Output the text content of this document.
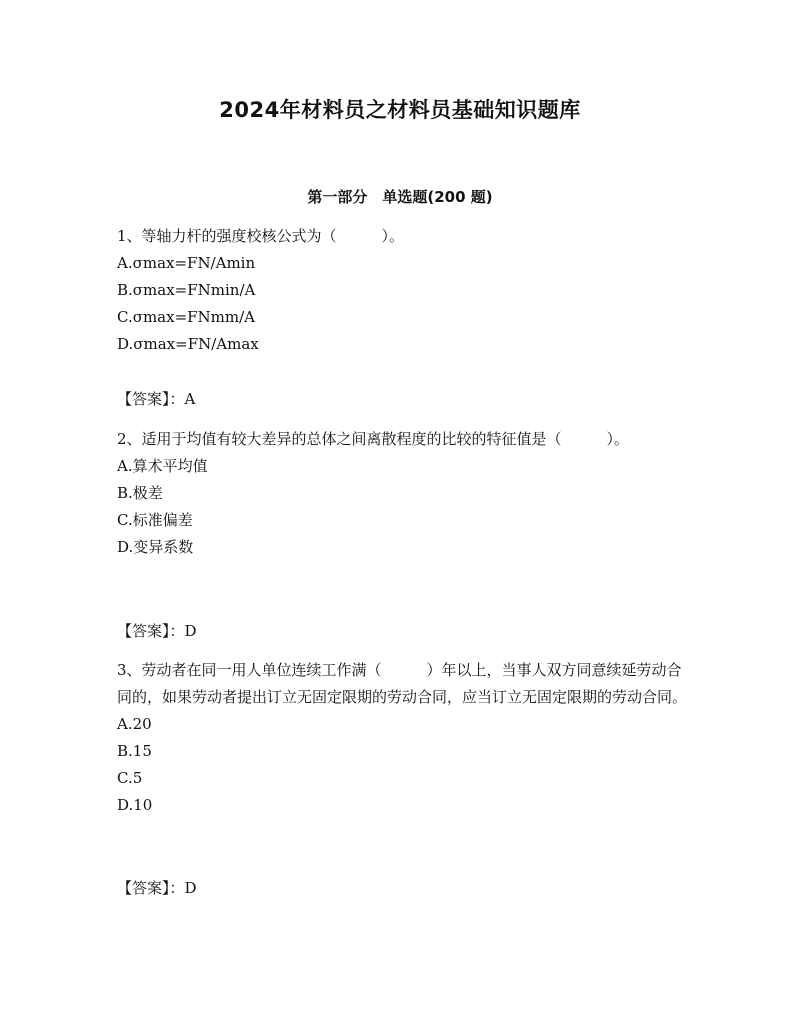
2024年材料员之材料员基础知识题库
第一部分　单选题(200 题)

1、等轴力杆的强度校核公式为（　　　）。

A.σmax=FN/Amin

B.σmax=FNmin/A

C.σmax=FNmm/A

D.σmax=FN/Amax

【答案】：A

2、适用于均值有较大差异的总体之间离散程度的比较的特征值是（　　　）。

A.算术平均值

B.极差

C.标准偏差

D.变异系数

【答案】：D

3、劳动者在同一用人单位连续工作满（　　　）年以上，当事人双方同意续延劳动合同的，如果劳动者提出订立无固定限期的劳动合同，应当订立无固定限期的劳动合同。

A.20

B.15

C.5

D.10

【答案】：D
